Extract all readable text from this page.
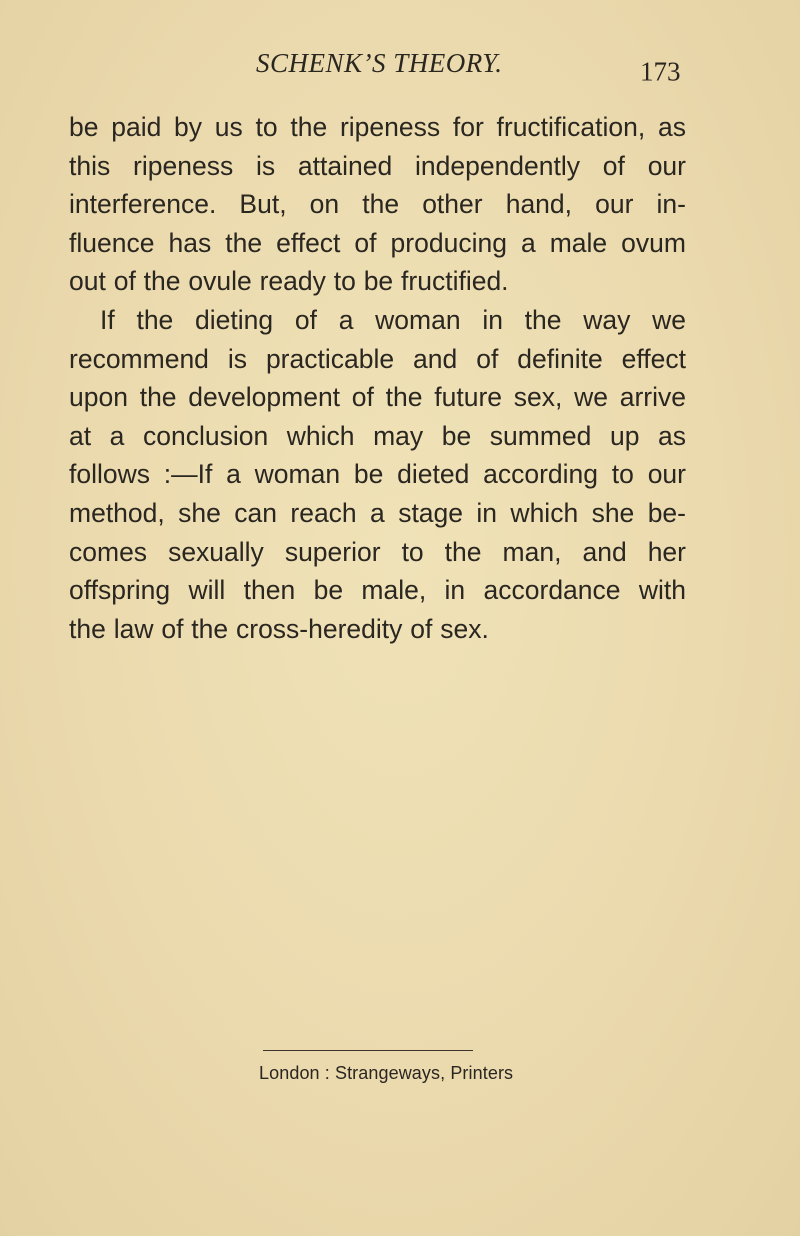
SCHENK’S THEORY.	173
be paid by us to the ripeness for fructification, as
this ripeness is attained independently of our
interference. But, on the other hand, our in-
fluence has the effect of producing a male ovum
out of the ovule ready to be fructified.
If the dieting of a woman in the way we
recommend is practicable and of definite effect
upon the development of the future sex, we arrive
at a conclusion which may be summed up as
follows :—If a woman be dieted according to our
method, she can reach a stage in which she be-
comes sexually superior to the man, and her
offspring will then be male, in accordance with
the law of the cross-heredity of sex.
London : Strangeways, Printers
